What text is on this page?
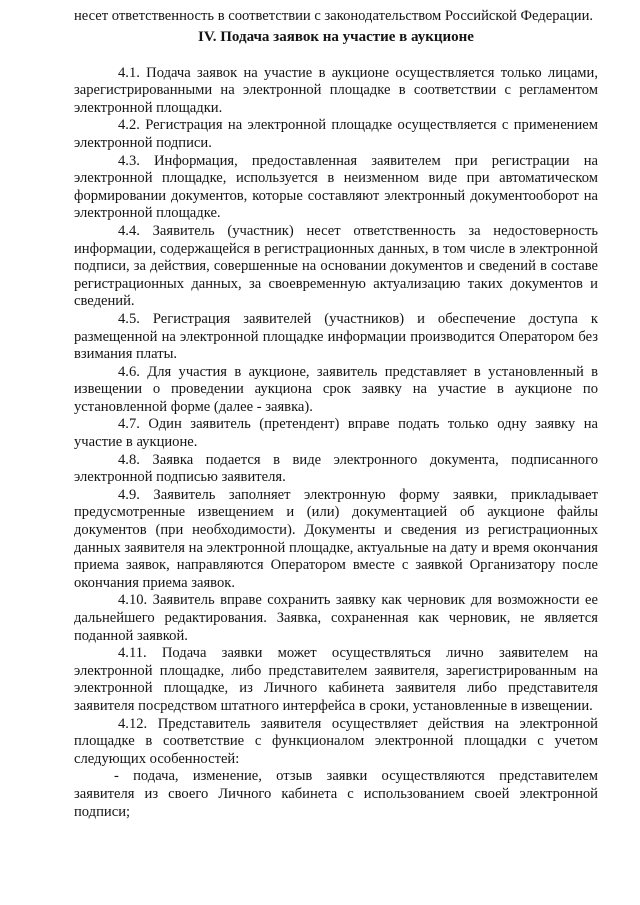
несет ответственность в соответствии с законодательством Российской Федерации.

IV. Подача заявок на участие в аукционе

4.1. Подача заявок на участие в аукционе осуществляется только лицами, зарегистрированными на электронной площадке в соответствии с регламентом электронной площадки.

4.2. Регистрация на электронной площадке осуществляется с применением электронной подписи.

4.3. Информация, предоставленная заявителем при регистрации на электронной площадке, используется в неизменном виде при автоматическом формировании документов, которые составляют электронный документооборот на электронной площадке.

4.4. Заявитель (участник) несет ответственность за недостоверность информации, содержащейся в регистрационных данных, в том числе в электронной подписи, за действия, совершенные на основании документов и сведений в составе регистрационных данных, за своевременную актуализацию таких документов и сведений.

4.5. Регистрация заявителей (участников) и обеспечение доступа к размещенной на электронной площадке информации производится Оператором без взимания платы.

4.6. Для участия в аукционе, заявитель представляет в установленный в извещении о проведении аукциона срок заявку на участие в аукционе по установленной форме (далее - заявка).

4.7. Один заявитель (претендент) вправе подать только одну заявку на участие в аукционе.

4.8. Заявка подается в виде электронного документа, подписанного электронной подписью заявителя.

4.9. Заявитель заполняет электронную форму заявки, прикладывает предусмотренные извещением и (или) документацией об аукционе файлы документов (при необходимости). Документы и сведения из регистрационных данных заявителя на электронной площадке, актуальные на дату и время окончания приема заявок, направляются Оператором вместе с заявкой Организатору после окончания приема заявок.

4.10. Заявитель вправе сохранить заявку как черновик для возможности ее дальнейшего редактирования. Заявка, сохраненная как черновик, не является поданной заявкой.

4.11. Подача заявки может осуществляться лично заявителем на электронной площадке, либо представителем заявителя, зарегистрированным на электронной площадке, из Личного кабинета заявителя либо представителя заявителя посредством штатного интерфейса в сроки, установленные в извещении.

4.12. Представитель заявителя осуществляет действия на электронной площадке в соответствие с функционалом электронной площадки с учетом следующих особенностей:

- подача, изменение, отзыв заявки осуществляются представителем заявителя из своего Личного кабинета с использованием своей электронной подписи;
